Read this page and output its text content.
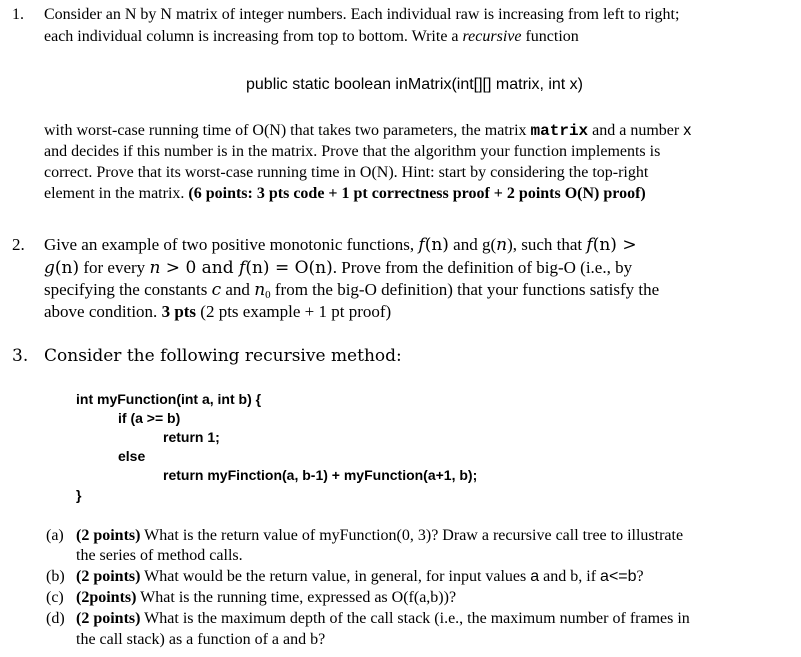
1. Consider an N by N matrix of integer numbers. Each individual raw is increasing from left to right;
each individual column is increasing from top to bottom. Write a recursive function
public static boolean inMatrix(int[][] matrix, int x)
with worst-case running time of O(N) that takes two parameters, the matrix matrix and a number x
and decides if this number is in the matrix. Prove that the algorithm your function implements is
correct. Prove that its worst-case running time in O(N). Hint: start by considering the top-right
element in the matrix. (6 points: 3 pts code + 1 pt correctness proof + 2 points O(N) proof)
2. Give an example of two positive monotonic functions, f(n) and g(n), such that f(n) >
g(n) for every n > 0 and f(n) = O(n). Prove from the definition of big-O (i.e., by
specifying the constants c and $n_0$ from the big-O definition) that your functions satisfy the
above condition. 3 pts (2 pts example + 1 pt proof)
3. Consider the following recursive method:
int myFunction(int a, int b) {
if (a >= b)
return 1;
else
return myFinction(a, b-1) + myFunction(a+1, b);
}
(a) (2 points) What is the return value of myFunction(0, 3)? Draw a recursive call tree to illustrate
the series of method calls.
(b) (2 points) What would be the return value, in general, for input values a and b, if a<=b?
(c) (2points) What is the running time, expressed as O(f(a,b))?
(d) (2 points) What is the maximum depth of the call stack (i.e., the maximum number of frames in
the call stack) as a function of a and b?
